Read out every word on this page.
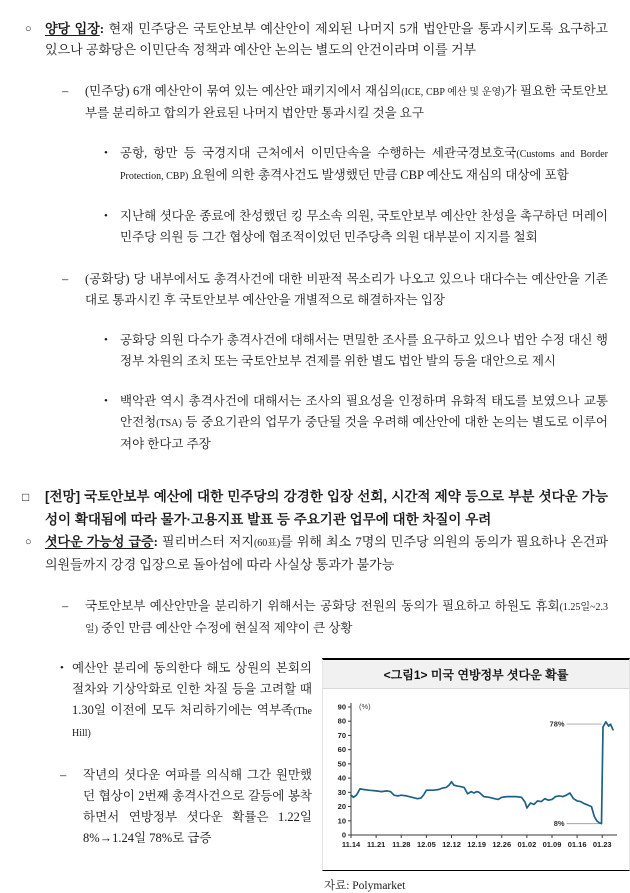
○ 양당 입장: 현재 민주당은 국토안보부 예산안이 제외된 나머지 5개 법안만을 통과시키도록 요구하고 있으나 공화당은 이민단속 정책과 예산안 논의는 별도의 안건이라며 이를 거부
– (민주당) 6개 예산안이 묶여 있는 예산안 패키지에서 재심의(ICE, CBP 예산 및 운영)가 필요한 국토안보부를 분리하고 합의가 완료된 나머지 법안만 통과시킬 것을 요구
• 공항, 항만 등 국경지대 근처에서 이민단속을 수행하는 세관국경보호국(Customs and Border Protection, CBP) 요원에 의한 총격사건도 발생했던 만큼 CBP 예산도 재심의 대상에 포함
• 지난해 셧다운 종료에 찬성했던 킹 무소속 의원, 국토안보부 예산안 찬성을 촉구하던 머레이 민주당 의원 등 그간 협상에 협조적이었던 민주당측 의원 대부분이 지지를 철회
– (공화당) 당 내부에서도 총격사건에 대한 비판적 목소리가 나오고 있으나 대다수는 예산안을 기존대로 통과시킨 후 국토안보부 예산안을 개별적으로 해결하자는 입장
• 공화당 의원 다수가 총격사건에 대해서는 면밀한 조사를 요구하고 있으나 법안 수정 대신 행정부 차원의 조치 또는 국토안보부 견제를 위한 별도 법안 발의 등을 대안으로 제시
• 백악관 역시 총격사건에 대해서는 조사의 필요성을 인정하며 유화적 태도를 보였으나 교통안전청(TSA) 등 중요기관의 업무가 중단될 것을 우려해 예산안에 대한 논의는 별도로 이루어져야 한다고 주장
□ [전망] 국토안보부 예산에 대한 민주당의 강경한 입장 선회, 시간적 제약 등으로 부분 셧다운 가능성이 확대됨에 따라 물가·고용지표 발표 등 주요기관 업무에 대한 차질이 우려
○ 셧다운 가능성 급증: 필리버스터 저지(60표)를 위해 최소 7명의 민주당 의원의 동의가 필요하나 온건파 의원들까지 강경 입장으로 돌아섬에 따라 사실상 통과가 불가능
– 국토안보부 예산안만을 분리하기 위해서는 공화당 전원의 동의가 필요하고 하원도 휴회(1.25일~2.3일) 중인 만큼 예산안 수정에 현실적 제약이 큰 상황
• 예산안 분리에 동의한다 해도 상원의 본회의 절차와 기상악화로 인한 차질 등을 고려할 때 1.30일 이전에 모두 처리하기에는 역부족(The Hill)
– 작년의 셧다운 여파를 의식해 그간 원만했던 협상이 2번째 총격사건으로 갈등에 봉착하면서 연방정부 셧다운 확률은 1.22일 8%→1.24일 78%로 급증
<그림1> 미국 연방정부 셧다운 확률
0
10
20
30
40
50
60
70
80
90
11.14 11.21 11.28 12.05 12.12 12.19 12.26 01.02 01.09 01.16 01.23
(%)
78%
8%
자료: Polymarket
